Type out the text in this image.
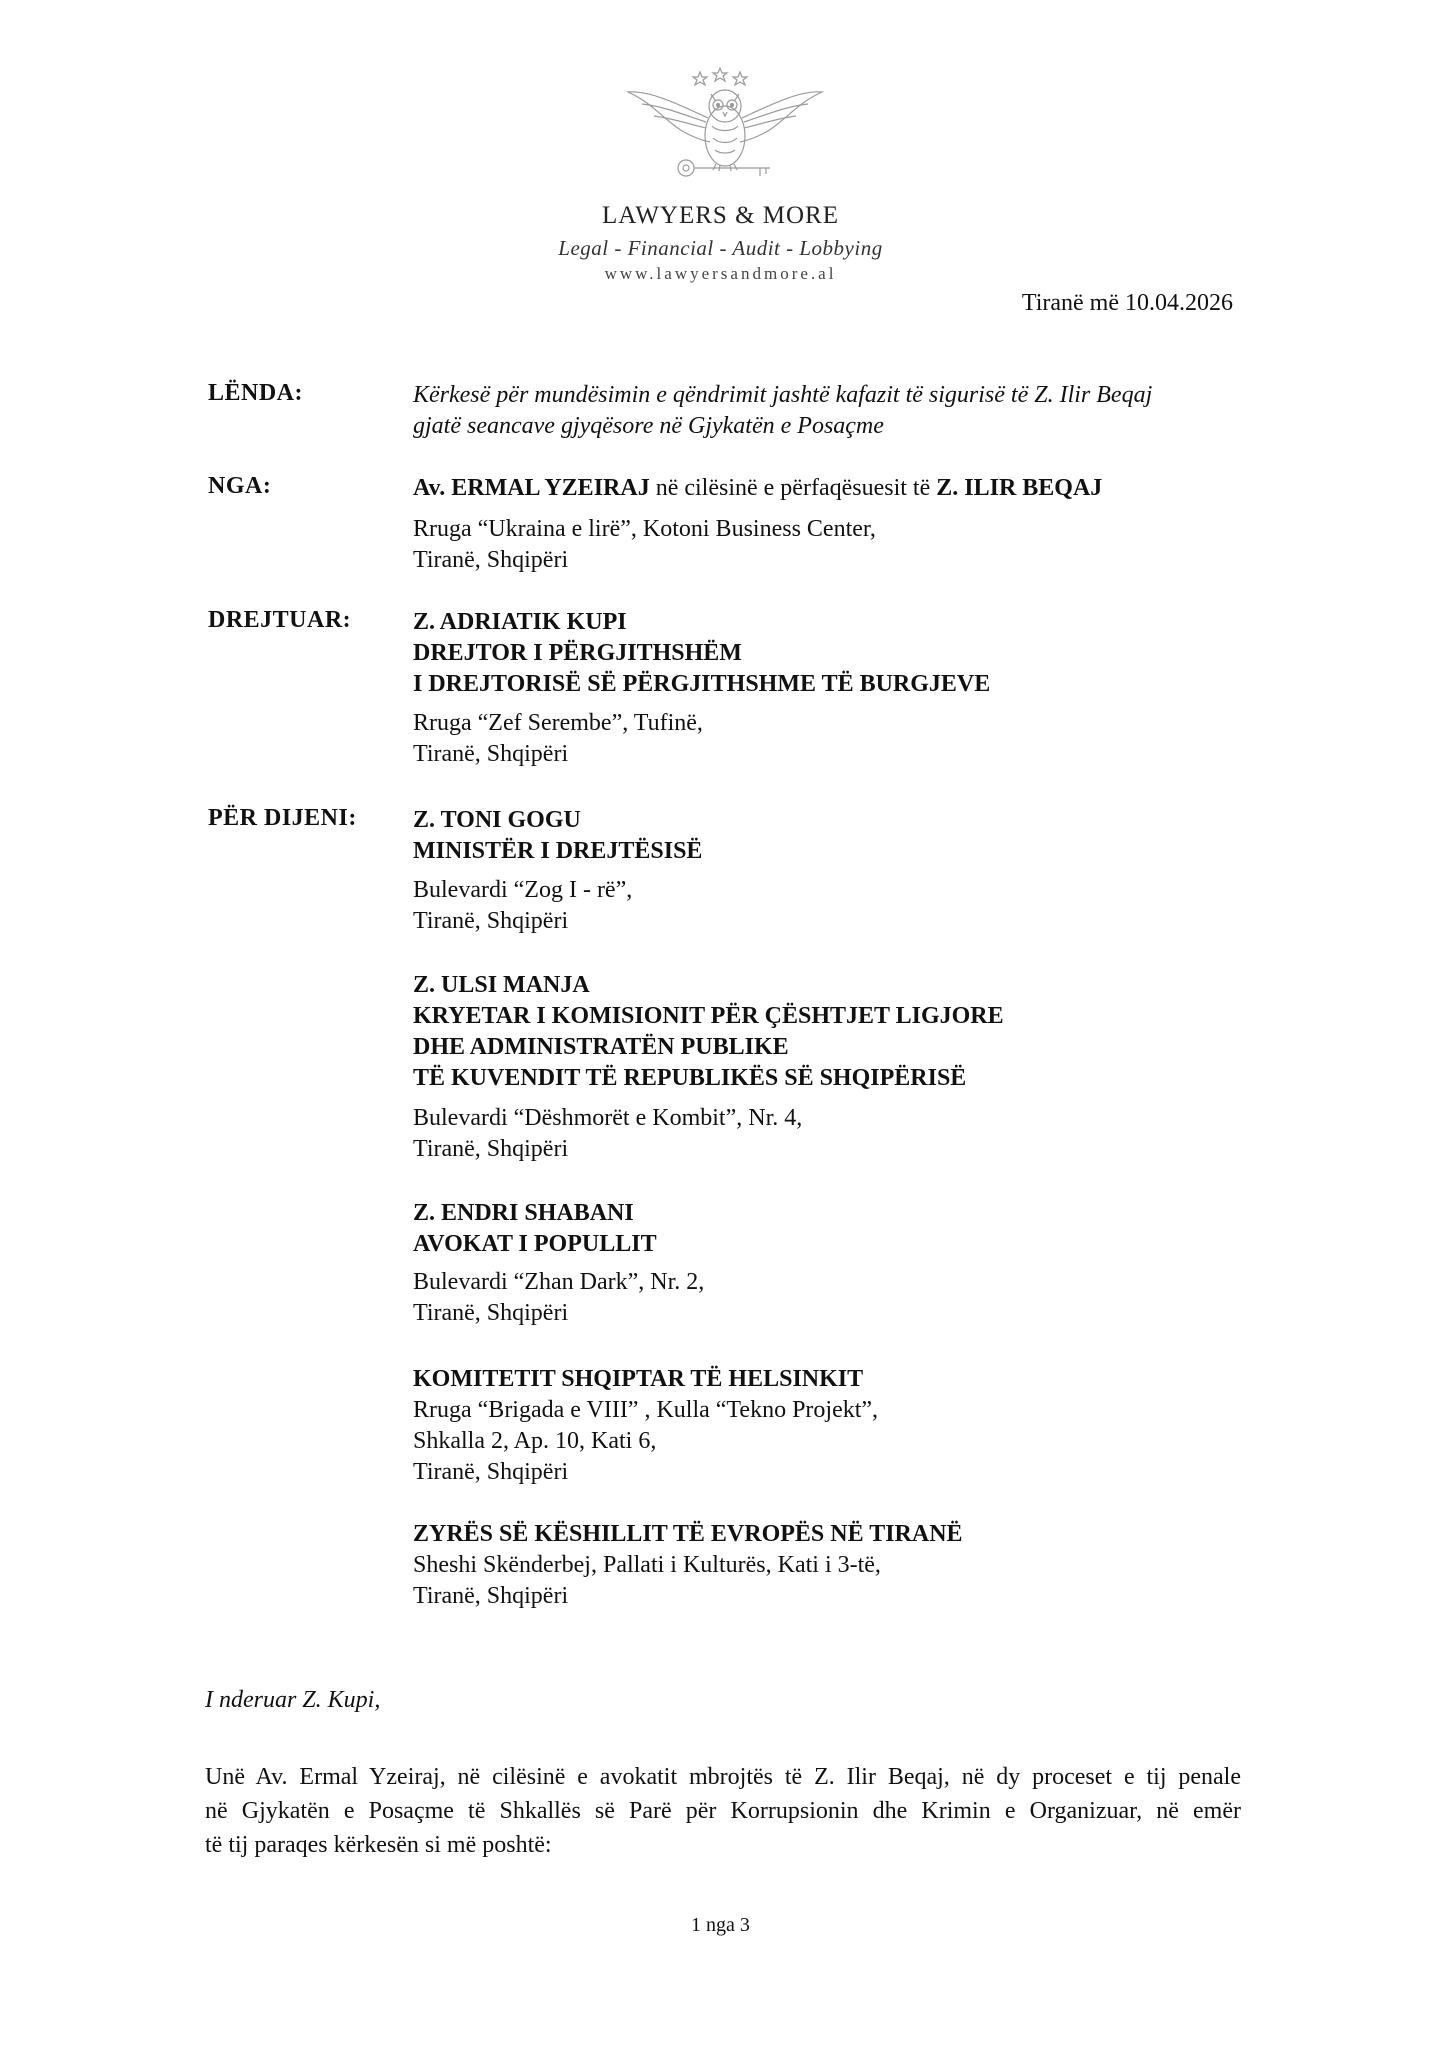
LAWYERS & MORE
Legal - Financial - Audit - Lobbying
www.lawyersandmore.al
Tiranë më 10.04.2026
LËNDA:	Kërkesë për mundësimin e qëndrimit jashtë kafazit të sigurisë të Z. Ilir Beqaj
gjatë seancave gjyqësore në Gjykatën e Posaçme
NGA:	Av. ERMAL YZEIRAJ në cilësinë e përfaqësuesit të Z. ILIR BEQAJ
Rruga “Ukraina e lirë”, Kotoni Business Center,
Tiranë, Shqipëri
DREJTUAR:	Z. ADRIATIK KUPI
DREJTOR I PËRGJITHSHËM
I DREJTORISË SË PËRGJITHSHME TË BURGJEVE
Rruga “Zef Serembe”, Tufinë,
Tiranë, Shqipëri
PËR DIJENI: Z. TONI GOGU
MINISTËR I DREJTËSISË
Bulevardi “Zog I - rë”,
Tiranë, Shqipëri
Z. ULSI MANJA
KRYETAR I KOMISIONIT PËR ÇËSHTJET LIGJORE
DHE ADMINISTRATËN PUBLIKE
TË KUVENDIT TË REPUBLIKËS SË SHQIPËRISË
Bulevardi “Dëshmorët e Kombit”, Nr. 4,
Tiranë, Shqipëri
Z. ENDRI SHABANI
AVOKAT I POPULLIT
Bulevardi “Zhan Dark”, Nr. 2,
Tiranë, Shqipëri
KOMITETIT SHQIPTAR TË HELSINKIT
Rruga “Brigada e VIII” , Kulla “Tekno Projekt”,
Shkalla 2, Ap. 10, Kati 6,
Tiranë, Shqipëri
ZYRËS SË KËSHILLIT TË EVROPËS NË TIRANË
Sheshi Skënderbej, Pallati i Kulturës, Kati i 3-të,
Tiranë, Shqipëri
I nderuar Z. Kupi,
Unë Av. Ermal Yzeiraj, në cilësinë e avokatit mbrojtës të Z. Ilir Beqaj, në dy proceset e tij penale
në Gjykatën e Posaçme të Shkallës së Parë për Korrupsionin dhe Krimin e Organizuar, në emër
të tij paraqes kërkesën si më poshtë:
1 nga 3
